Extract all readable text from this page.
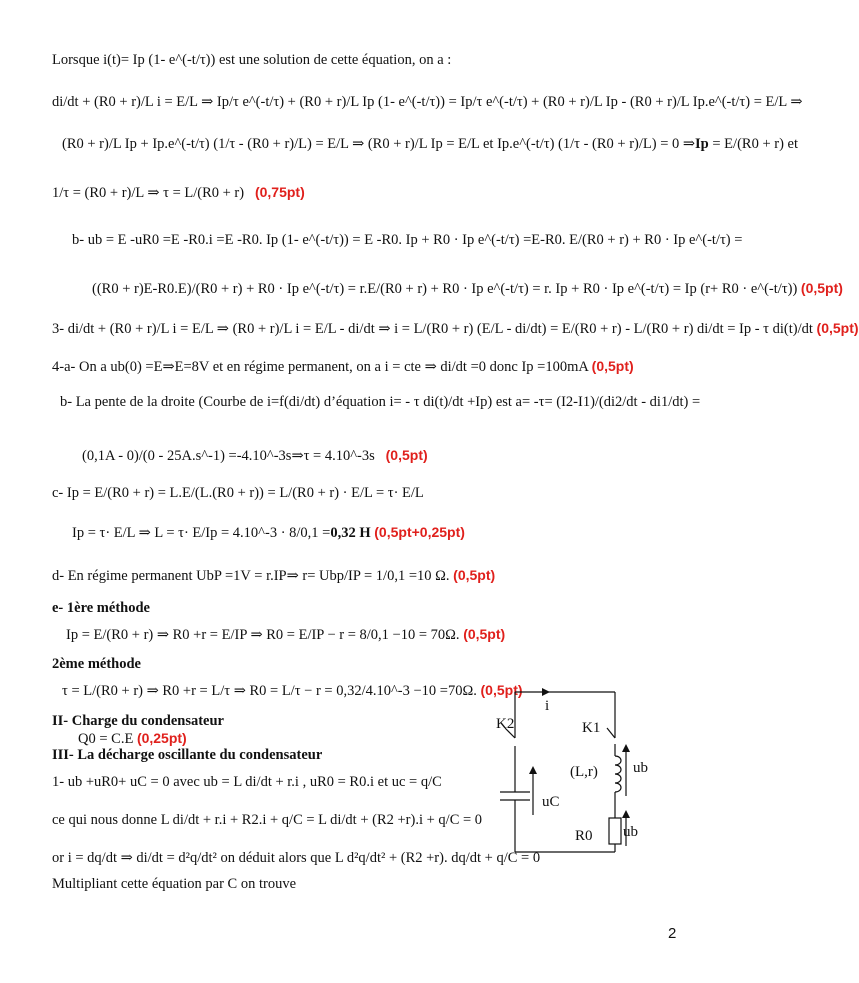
Lorsque i(t)= Ip (1- e^(-t/τ)) est une solution de cette équation, on a :
di/dt + (R0 + r)/L i = E/L ⇒ Ip/τ e^(-t/τ) + (R0 + r)/L Ip (1- e^(-t/τ)) = Ip/τ e^(-t/τ) + (R0 + r)/L Ip - (R0 + r)/L Ip.e^(-t/τ) = E/L ⇒
(R0 + r)/L Ip + Ip.e^(-t/τ) (1/τ - (R0 + r)/L) = E/L ⇒ (R0 + r)/L Ip = E/L et Ip.e^(-t/τ) (1/τ - (R0 + r)/L) = 0 ⇒Ip = E/(R0 + r) et
1/τ = (R0 + r)/L ⇒ τ = L/(R0 + r) (0,75pt)
b- ub = E -uR0 =E -R0.i =E -R0. Ip (1- e^(-t/τ)) = E -R0. Ip + R0 · Ip e^(-t/τ) =E-R0. E/(R0 + r) + R0 · Ip e^(-t/τ) =
((R0 + r)E-R0.E)/(R0 + r) + R0 · Ip e^(-t/τ) = r.E/(R0 + r) + R0 · Ip e^(-t/τ) = r. Ip + R0 · Ip e^(-t/τ) = Ip (r+ R0 · e^(-t/τ)) (0,5pt)
3- di/dt + (R0 + r)/L i = E/L ⇒ (R0 + r)/L i = E/L - di/dt ⇒ i = L/(R0 + r) (E/L - di/dt) = E/(R0 + r) - L/(R0 + r) di/dt = Ip - τ di(t)/dt (0,5pt)
4-a- On a ub(0) =E⇒E=8V et en régime permanent, on a i = cte ⇒ di/dt =0 donc Ip =100mA (0,5pt)
b- La pente de la droite (Courbe de i=f(di/dt) d’équation i= - τ di(t)/dt +Ip) est a= -τ= (I2-I1)/(di2/dt - di1/dt) =
(0,1A - 0)/(0 - 25A.s^-1) =-4.10^-3s⇒τ = 4.10^-3s (0,5pt)
c- Ip = E/(R0 + r) = L.E/(L.(R0 + r)) = L/(R0 + r) · E/L = τ· E/L
Ip = τ· E/L ⇒ L = τ· E/Ip = 4.10^-3 · 8/0,1 =0,32 H (0,5pt+0,25pt)
d- En régime permanent UbP =1V = r.IP⇒ r= Ubp/IP = 1/0,1 =10 Ω. (0,5pt)
e- 1ère méthode
Ip = E/(R0 + r) ⇒ R0 +r = E/IP ⇒ R0 = E/IP − r = 8/0,1 −10 = 70Ω. (0,5pt)
2ème méthode
τ = L/(R0 + r) ⇒ R0 +r = L/τ ⇒ R0 = L/τ − r = 0,32/4.10^-3 −10 =70Ω. (0,5pt)
II- Charge du condensateur
Q0 = C.E (0,25pt)
III- La décharge oscillante du condensateur
1- ub +uR0+ uC = 0 avec ub = L di/dt + r.i , uR0 = R0.i et uc = q/C
ce qui nous donne L di/dt + r.i + R2.i + q/C = L di/dt + (R2 +r).i + q/C = 0
or i = dq/dt ⇒ di/dt = d²q/dt² on déduit alors que L d²q/dt² + (R2 +r). dq/dt + q/C = 0
Multipliant cette équation par C on trouve
i
K2	K1
(L,r) ub
uC
R0 ub
2
